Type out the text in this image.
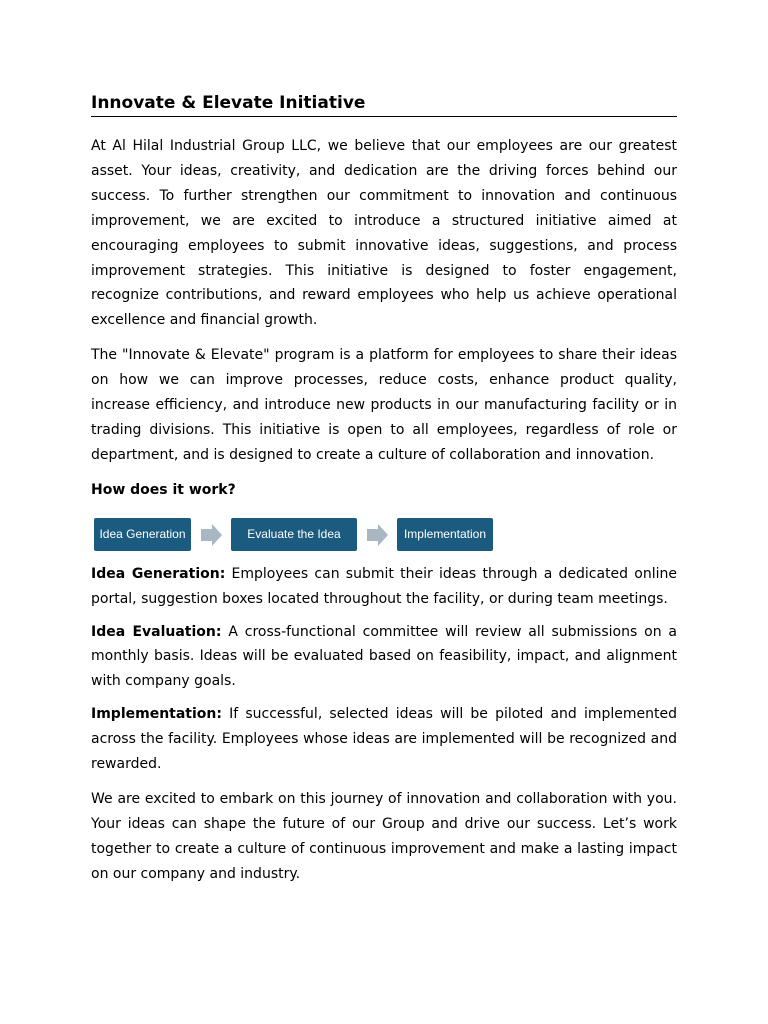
Innovate & Elevate Initiative

At Al Hilal Industrial Group LLC, we believe that our employees are our greatest asset. Your ideas, creativity, and dedication are the driving forces behind our success. To further strengthen our commitment to innovation and continuous improvement, we are excited to introduce a structured initiative aimed at encouraging employees to submit innovative ideas, suggestions, and process improvement strategies. This initiative is designed to foster engagement, recognize contributions, and reward employees who help us achieve operational excellence and financial growth.

The "Innovate & Elevate" program is a platform for employees to share their ideas on how we can improve processes, reduce costs, enhance product quality, increase efficiency, and introduce new products in our manufacturing facility or in trading divisions. This initiative is open to all employees, regardless of role or department, and is designed to create a culture of collaboration and innovation.

How does it work?

Idea Generation	Evaluate the Idea	Implementation

Idea Generation: Employees can submit their ideas through a dedicated online portal, suggestion boxes located throughout the facility, or during team meetings.

Idea Evaluation: A cross-functional committee will review all submissions on a monthly basis. Ideas will be evaluated based on feasibility, impact, and alignment with company goals.

Implementation: If successful, selected ideas will be piloted and implemented across the facility. Employees whose ideas are implemented will be recognized and rewarded.

We are excited to embark on this journey of innovation and collaboration with you. Your ideas can shape the future of our Group and drive our success. Let’s work together to create a culture of continuous improvement and make a lasting impact on our company and industry.
